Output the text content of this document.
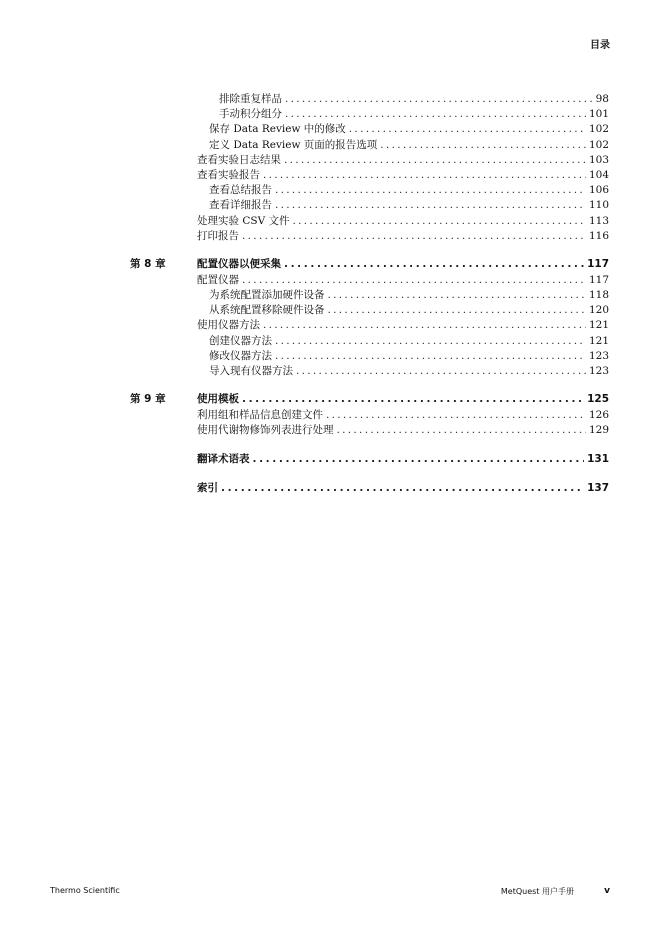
目录
排除重复样品 .....	98
手动积分组分 .....	101
保存 Data Review 中的修改 .....	102
定义 Data Review 页面的报告选项 .....	102
查看实验日志结果 .....	103
查看实验报告 .....	104
查看总结报告 .....	106
查看详细报告 .....	110
处理实验 CSV 文件 .....	113
打印报告 .....	116
第 8 章	配置仪器以便采集 .....	117
配置仪器 .....	117
为系统配置添加硬件设备 .....	118
从系统配置移除硬件设备 .....	120
使用仪器方法 .....	121
创建仪器方法 .....	121
修改仪器方法 .....	123
导入现有仪器方法 .....	123
第 9 章	使用模板 .....	125
利用组和样品信息创建文件 .....	126
使用代谢物修饰列表进行处理 .....	129
翻译术语表 .....	131
索引 .....	137
Thermo Scientific	MetQuest 用户手册	v
